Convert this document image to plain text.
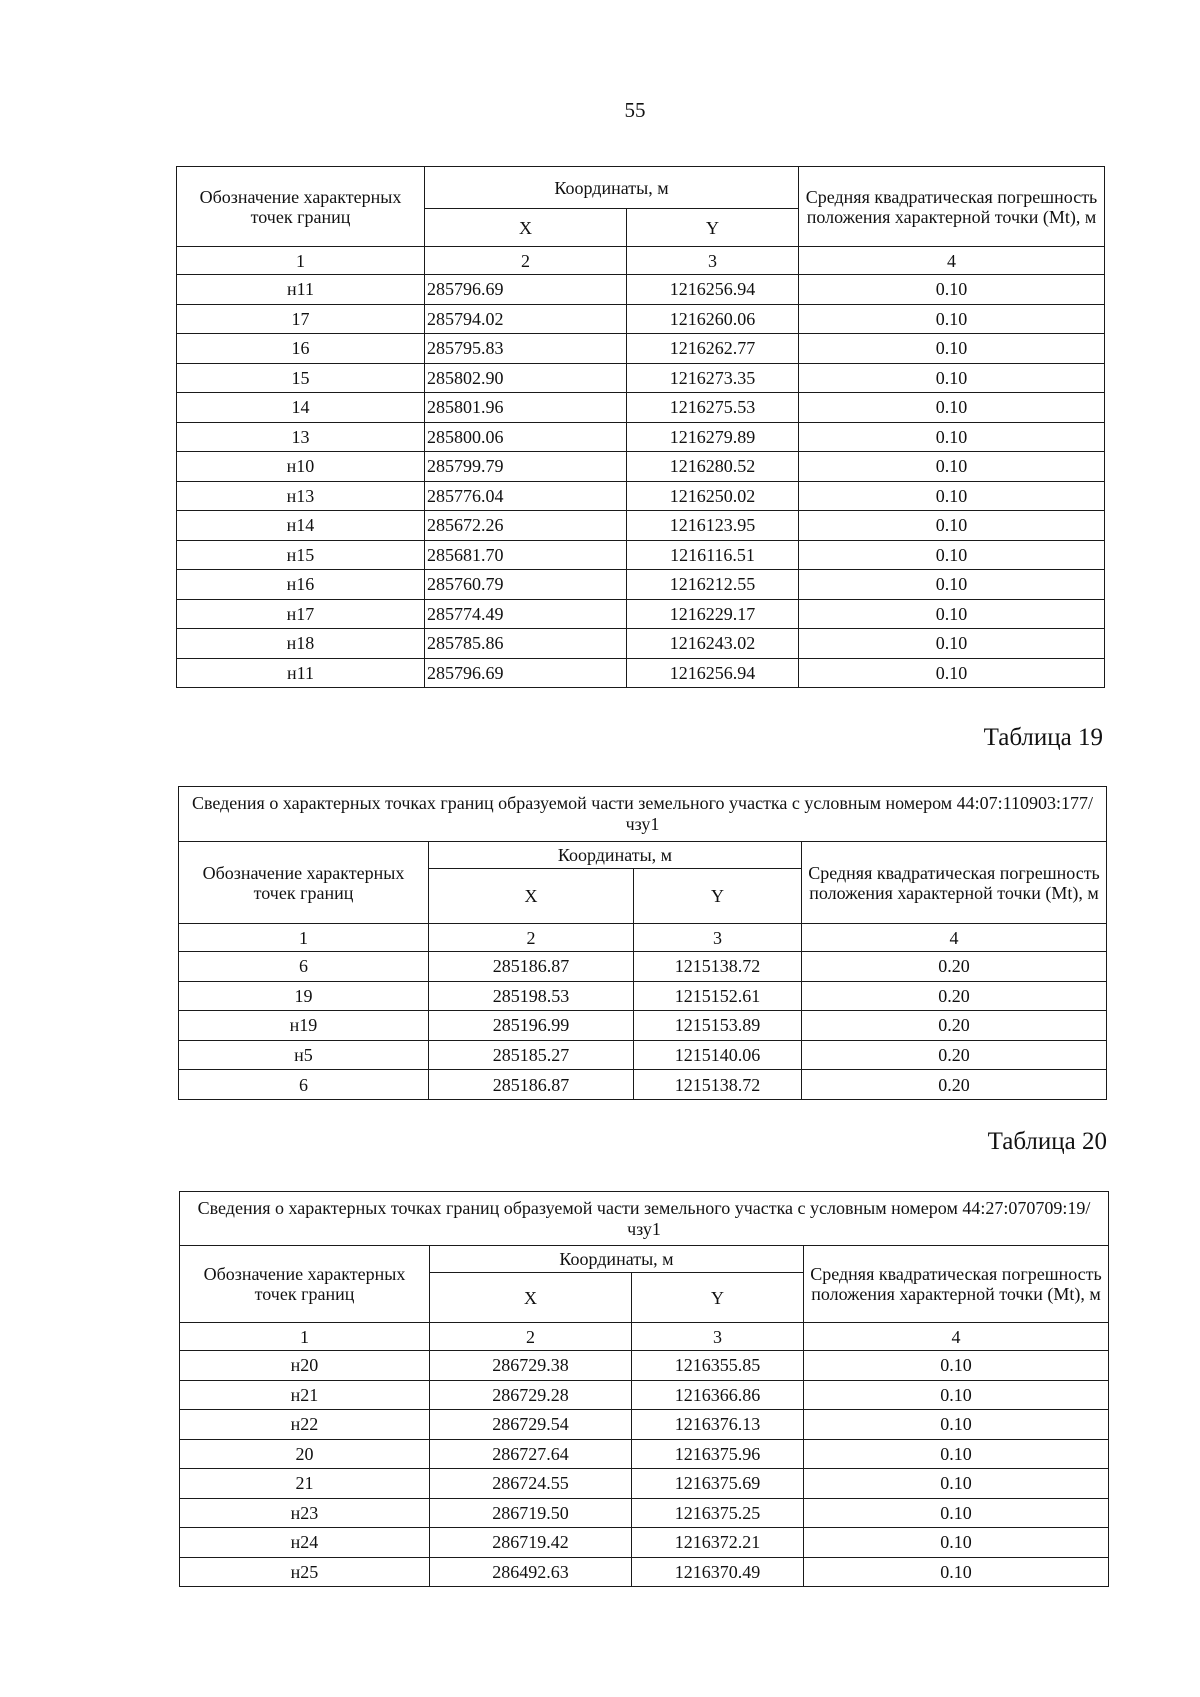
55
Обозначение характерных точек границ	Координаты, м		Средняя квадратическая погрешность положения характерной точки (Mt), м
	X	Y	
1	2	3	4
н11	285796.69	1216256.94	0.10
17	285794.02	1216260.06	0.10
16	285795.83	1216262.77	0.10
15	285802.90	1216273.35	0.10
14	285801.96	1216275.53	0.10
13	285800.06	1216279.89	0.10
н10	285799.79	1216280.52	0.10
н13	285776.04	1216250.02	0.10
н14	285672.26	1216123.95	0.10
н15	285681.70	1216116.51	0.10
н16	285760.79	1216212.55	0.10
н17	285774.49	1216229.17	0.10
н18	285785.86	1216243.02	0.10
н11	285796.69	1216256.94	0.10
Таблица 19
Сведения о характерных точках границ образуемой части земельного участка с условным номером 44:07:110903:177/чзу1			
Обозначение характерных точек границ	Координаты, м		Средняя квадратическая погрешность положения характерной точки (Mt), м
	X	Y	
1	2	3	4
6	285186.87	1215138.72	0.20
19	285198.53	1215152.61	0.20
н19	285196.99	1215153.89	0.20
н5	285185.27	1215140.06	0.20
6	285186.87	1215138.72	0.20
Таблица 20
Сведения о характерных точках границ образуемой части земельного участка с условным номером 44:27:070709:19/чзу1			
Обозначение характерных точек границ	Координаты, м		Средняя квадратическая погрешность положения характерной точки (Mt), м
	X	Y	
1	2	3	4
н20	286729.38	1216355.85	0.10
н21	286729.28	1216366.86	0.10
н22	286729.54	1216376.13	0.10
20	286727.64	1216375.96	0.10
21	286724.55	1216375.69	0.10
н23	286719.50	1216375.25	0.10
н24	286719.42	1216372.21	0.10
н25	286492.63	1216370.49	0.10
